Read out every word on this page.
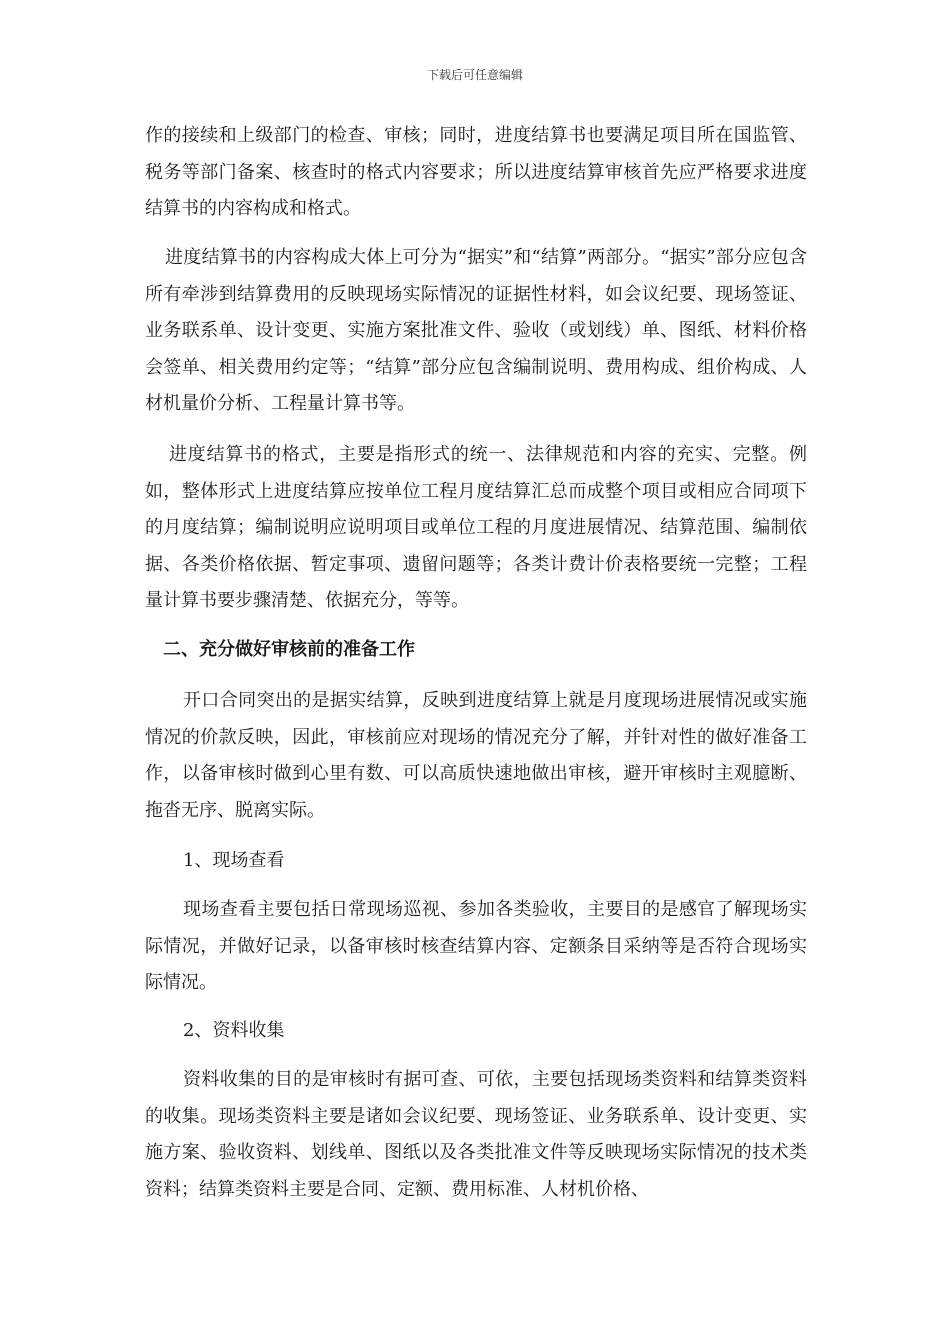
下载后可任意编辑

作的接续和上级部门的检查、审核；同时，进度结算书也要满足项目所在国监管、税务等部门备案、核查时的格式内容要求；所以进度结算审核首先应严格要求进度结算书的内容构成和格式。

进度结算书的内容构成大体上可分为“据实”和“结算”两部分。“据实”部分应包含所有牵涉到结算费用的反映现场实际情况的证据性材料，如会议纪要、现场签证、业务联系单、设计变更、实施方案批准文件、验收（或划线）单、图纸、材料价格会签单、相关费用约定等；“结算”部分应包含编制说明、费用构成、组价构成、人材机量价分析、工程量计算书等。

进度结算书的格式，主要是指形式的统一、法律规范和内容的充实、完整。例如，整体形式上进度结算应按单位工程月度结算汇总而成整个项目或相应合同项下的月度结算；编制说明应说明项目或单位工程的月度进展情况、结算范围、编制依据、各类价格依据、暂定事项、遗留问题等；各类计费计价表格要统一完整；工程量计算书要步骤清楚、依据充分，等等。

二、充分做好审核前的准备工作

开口合同突出的是据实结算，反映到进度结算上就是月度现场进展情况或实施情况的价款反映，因此，审核前应对现场的情况充分了解，并针对性的做好准备工作，以备审核时做到心里有数、可以高质快速地做出审核，避开审核时主观臆断、拖沓无序、脱离实际。

1、现场查看

现场查看主要包括日常现场巡视、参加各类验收，主要目的是感官了解现场实际情况，并做好记录，以备审核时核查结算内容、定额条目采纳等是否符合现场实际情况。

2、资料收集

资料收集的目的是审核时有据可查、可依，主要包括现场类资料和结算类资料的收集。现场类资料主要是诸如会议纪要、现场签证、业务联系单、设计变更、实施方案、验收资料、划线单、图纸以及各类批准文件等反映现场实际情况的技术类资料；结算类资料主要是合同、定额、费用标准、人材机价格、
